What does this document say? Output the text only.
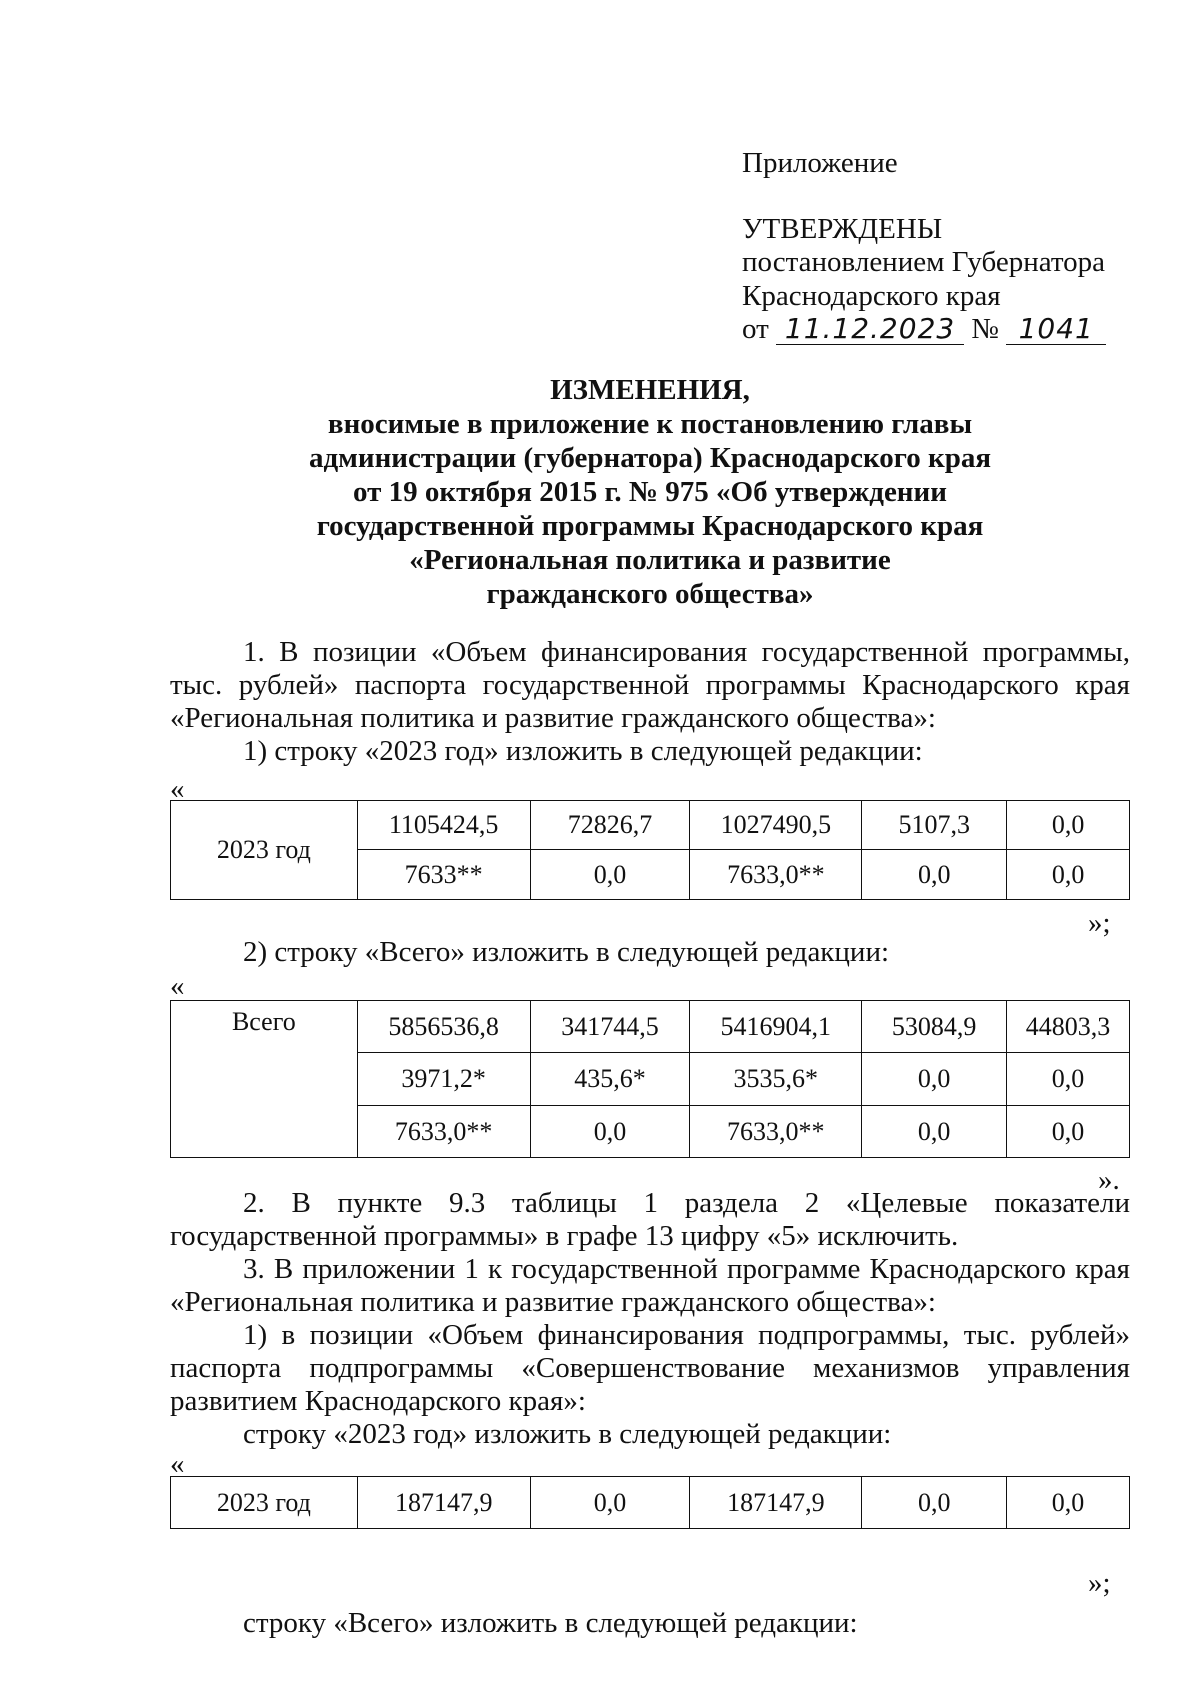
Приложение
УТВЕРЖДЕНЫ
постановлением Губернатора
Краснодарского края
от 11.12.2023 № 1041
ИЗМЕНЕНИЯ,
вносимые в приложение к постановлению главы
администрации (губернатора) Краснодарского края
от 19 октября 2015 г. № 975 «Об утверждении
государственной программы Краснодарского края
«Региональная политика и развитие
гражданского общества»
1. В позиции «Объем финансирования государственной программы,
тыс. рублей» паспорта государственной программы Краснодарского края
«Региональная политика и развитие гражданского общества»:
1) строку «2023 год» изложить в следующей редакции:
«
2023 год	1105424,5	72826,7	1027490,5	5107,3	0,0
	7633**	0,0	7633,0**	0,0	0,0
»;
2) строку «Всего» изложить в следующей редакции:
«
Всего	5856536,8	341744,5	5416904,1	53084,9	44803,3
	3971,2*	435,6*	3535,6*	0,0	0,0
	7633,0**	0,0	7633,0**	0,0	0,0
».
2. В пункте 9.3 таблицы 1 раздела 2 «Целевые показатели
государственной программы» в графе 13 цифру «5» исключить.
3. В приложении 1 к государственной программе Краснодарского края
«Региональная политика и развитие гражданского общества»:
1) в позиции «Объем финансирования подпрограммы, тыс. рублей»
паспорта подпрограммы «Совершенствование механизмов управления
развитием Краснодарского края»:
строку «2023 год» изложить в следующей редакции:
«
2023 год	187147,9	0,0	187147,9	0,0	0,0
»;
строку «Всего» изложить в следующей редакции:
